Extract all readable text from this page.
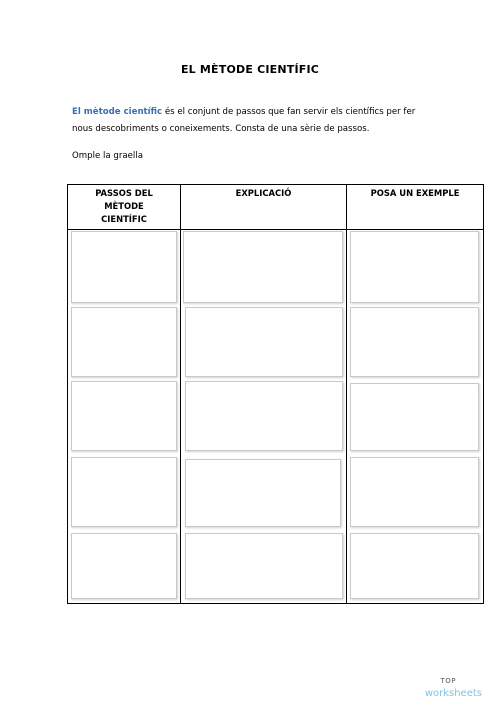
EL MÈTODE CIENTÍFIC
El mètode científic és el conjunt de passos que fan servir els científics per fer
nous descobriments o coneixements. Consta de una sèrie de passos.
Omple la graella
PASSOS DEL
MÈTODE
CIENTÍFIC
EXPLICACIÓ	POSA UN EXEMPLE
TOP
worksheets
